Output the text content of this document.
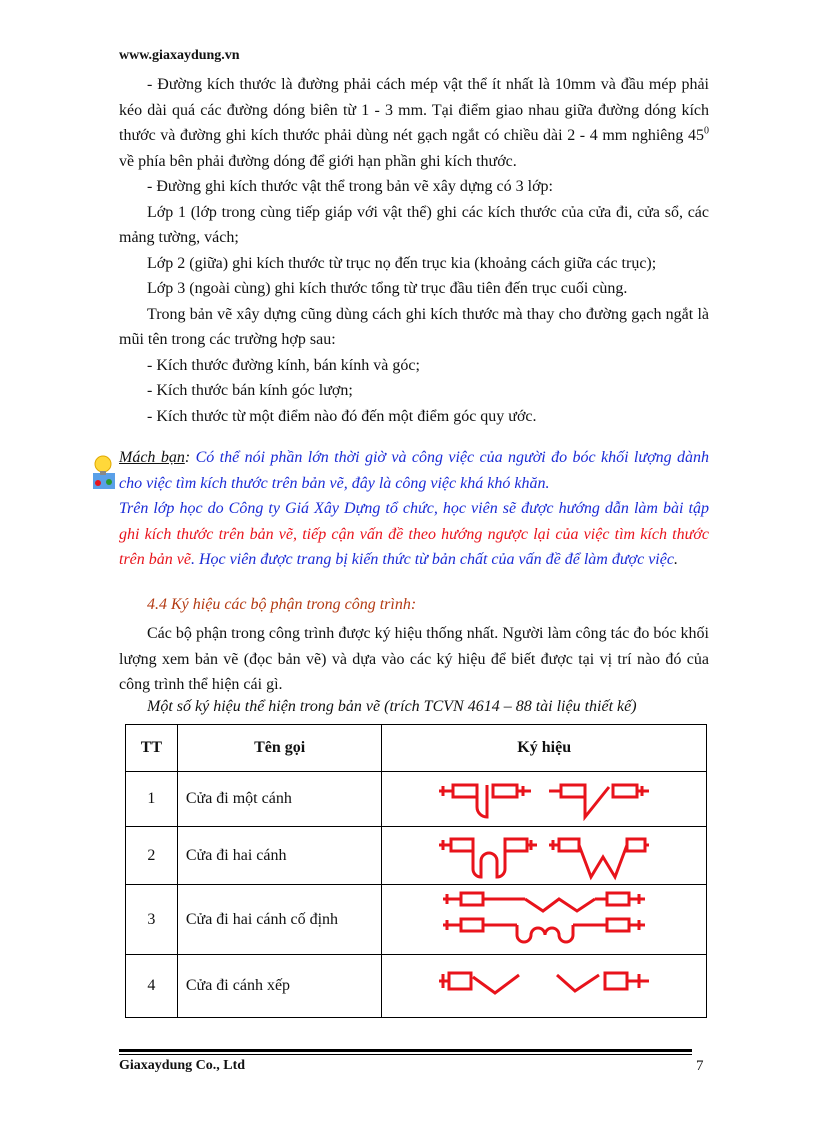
www.giaxaydung.vn

- Đường kích thước là đường phải cách mép vật thể ít nhất là 10mm và đầu mép phải kéo dài quá các đường dóng biên từ 1 - 3 mm. Tại điểm giao nhau giữa đường dóng kích thước và đường ghi kích thước phải dùng nét gạch ngắt có chiều dài 2 - 4 mm nghiêng $45^0$ về phía bên phải đường dóng để giới hạn phần ghi kích thước.

- Đường ghi kích thước vật thể trong bản vẽ xây dựng có 3 lớp:

Lớp 1 (lớp trong cùng tiếp giáp với vật thể) ghi các kích thước của cửa đi, cửa sổ, các mảng tường, vách;

Lớp 2 (giữa) ghi kích thước từ trục nọ đến trục kia (khoảng cách giữa các trục);

Lớp 3 (ngoài cùng) ghi kích thước tổng từ trục đầu tiên đến trục cuối cùng.

Trong bản vẽ xây dựng cũng dùng cách ghi kích thước mà thay cho đường gạch ngắt là mũi tên trong các trường hợp sau:

- Kích thước đường kính, bán kính và góc;

- Kích thước bán kính góc lượn;

- Kích thước từ một điểm nào đó đến một điểm góc quy ước.

Mách bạn: Có thể nói phần lớn thời giờ và công việc của người đo bóc khối lượng dành cho việc tìm kích thước trên bản vẽ, đây là công việc khá khó khăn.

Trên lớp học do Công ty Giá Xây Dựng tổ chức, học viên sẽ được hướng dẫn làm bài tập ghi kích thước trên bản vẽ, tiếp cận vấn đề theo hướng ngược lại của việc tìm kích thước trên bản vẽ. Học viên được trang bị kiến thức từ bản chất của vấn đề để làm được việc.

4.4 Ký hiệu các bộ phận trong công trình:

Các bộ phận trong công trình được ký hiệu thống nhất. Người làm công tác đo bóc khối lượng xem bản vẽ (đọc bản vẽ) và dựa vào các ký hiệu để biết được tại vị trí nào đó của công trình thể hiện cái gì.

Một số ký hiệu thể hiện trong bản vẽ (trích TCVN 4614 – 88 tài liệu thiết kế)
TT	Tên gọi	Ký hiệu
1	Cửa đi một cánh	

2	Cửa đi hai cánh	

3	Cửa đi hai cánh cố định	

4	Cửa đi cánh xếp	
Giaxaydung Co., Ltd	7
